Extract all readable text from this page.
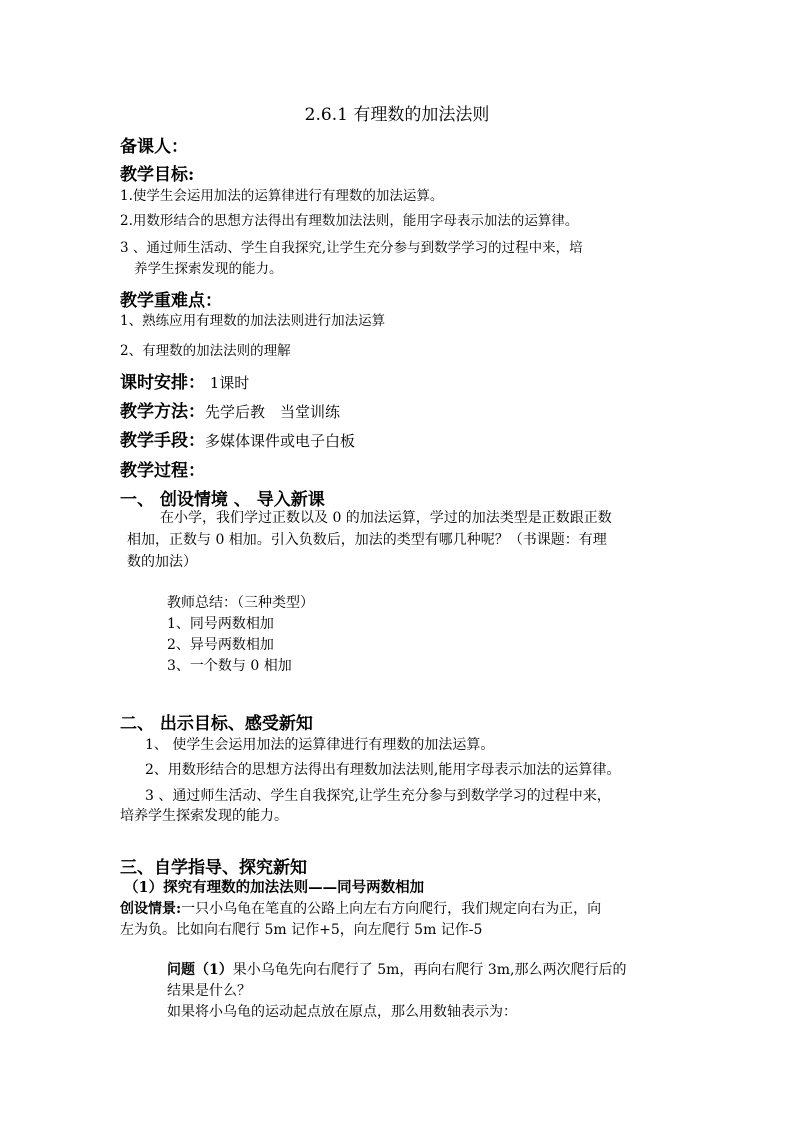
2.6.1 有理数的加法法则
备课人：
教学目标:
1.使学生会运用加法的运算律进行有理数的加法运算。
2.用数形结合的思想方法得出有理数加法法则，能用字母表示加法的运算律。
3 、通过师生活动、学生自我探究,让学生充分参与到数学学习的过程中来，培
养学生探索发现的能力。
教学重难点：
1、熟练应用有理数的加法法则进行加法运算
2、有理数的加法法则的理解
课时安排： 1课时
教学方法：先学后教　当堂训练
教学手段：多媒体课件或电子白板
教学过程：
一、 创设情境 、 导入新课
在小学，我们学过正数以及 0 的加法运算，学过的加法类型是正数跟正数
相加，正数与 0 相加。引入负数后，加法的类型有哪几种呢？（书课题：有理
数的加法）
教师总结：（三种类型）
1、同号两数相加
2、异号两数相加
3、一个数与 0 相加
二、 出示目标、感受新知
1、 使学生会运用加法的运算律进行有理数的加法运算。
2、用数形结合的思想方法得出有理数加法法则,能用字母表示加法的运算律。
3 、通过师生活动、学生自我探究,让学生充分参与到数学学习的过程中来，
培养学生探索发现的能力。
三、自学指导、探究新知
（1）探究有理数的加法法则——同号两数相加
创设情景:一只小乌龟在笔直的公路上向左右方向爬行，我们规定向右为正，向
左为负。比如向右爬行 5m 记作+5，向左爬行 5m 记作-5
问题（1）果小乌龟先向右爬行了 5m，再向右爬行 3m,那么两次爬行后的
结果是什么？
如果将小乌龟的运动起点放在原点，那么用数轴表示为：
